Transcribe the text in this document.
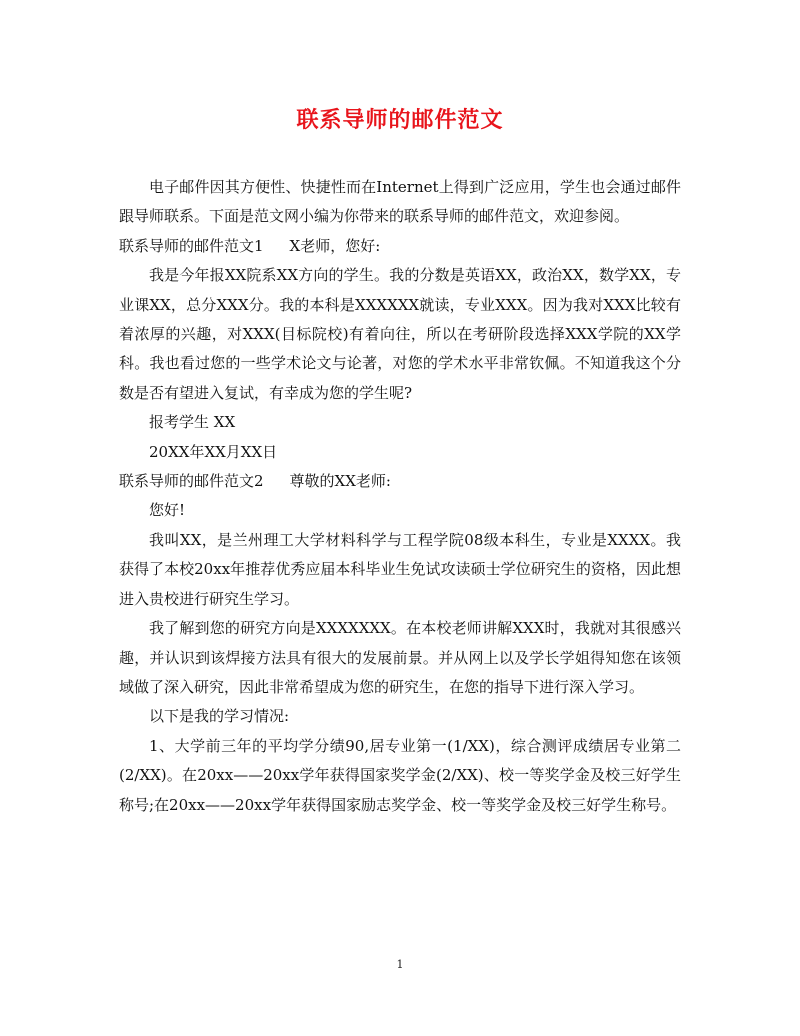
联系导师的邮件范文

电子邮件因其方便性、快捷性而在Internet上得到广泛应用，学生也会通过邮件跟导师联系。下面是范文网小编为你带来的联系导师的邮件范文，欢迎参阅。

联系导师的邮件范文1 X老师，您好:

我是今年报XX院系XX方向的学生。我的分数是英语XX，政治XX，数学XX，专业课XX，总分XXX分。我的本科是XXXXXX就读，专业XXX。因为我对XXX比较有着浓厚的兴趣，对XXX(目标院校)有着向往，所以在考研阶段选择XXX学院的XX学科。我也看过您的一些学术论文与论著，对您的学术水平非常钦佩。不知道我这个分数是否有望进入复试，有幸成为您的学生呢?

报考学生 XX

20XX年XX月XX日

联系导师的邮件范文2 尊敬的XX老师:

您好!

我叫XX，是兰州理工大学材料科学与工程学院08级本科生，专业是XXXX。我获得了本校20xx年推荐优秀应届本科毕业生免试攻读硕士学位研究生的资格，因此想进入贵校进行研究生学习。

我了解到您的研究方向是XXXXXXX。在本校老师讲解XXX时，我就对其很感兴趣，并认识到该焊接方法具有很大的发展前景。并从网上以及学长学姐得知您在该领域做了深入研究，因此非常希望成为您的研究生，在您的指导下进行深入学习。

以下是我的学习情况:

1、大学前三年的平均学分绩90,居专业第一(1/XX)，综合测评成绩居专业第二(2/XX)。在20xx——20xx学年获得国家奖学金(2/XX)、校一等奖学金及校三好学生称号;在20xx——20xx学年获得国家励志奖学金、校一等奖学金及校三好学生称号。

1
